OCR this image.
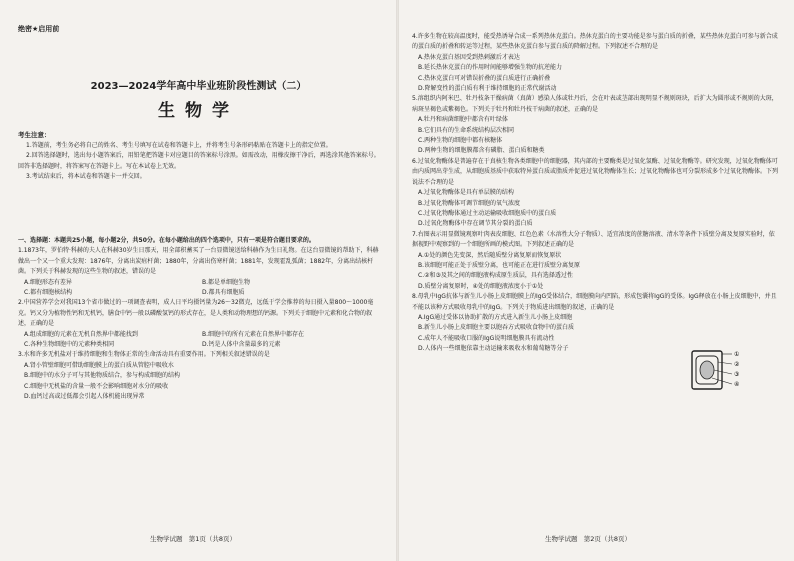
绝密★启用前
2023—2024学年高中毕业班阶段性测试（二）
生物学
考生注意：

1.答题前，考生务必将自己的姓名、考生号填写在试卷和答题卡上，并将考生号条形码粘贴在答题卡上的指定位置。

2.回答选择题时，选出每小题答案后，用铅笔把答题卡对应题目的答案标号涂黑。如需改动，用橡皮擦干净后，再选涂其他答案标号。回答非选择题时，将答案写在答题卡上。写在本试卷上无效。

3.考试结束后，将本试卷和答题卡一并交回。

一、选择题：本题共25小题，每小题2分，共50分。在每小题给出的四个选项中，只有一项是符合题目要求的。

1.1873年，罗伯特·科赫的夫人在科赫30岁生日那天，用全部积蓄买了一台显微镜送给科赫作为生日礼物。在这台显微镜的帮助下，科赫做出一个又一个重大发现：1876年，分离出炭疽杆菌；1880年，分离出伤寒杆菌；1881年，发现霍乱弧菌；1882年，分离出结核杆菌。下列关于科赫发现的这些生物的叙述，错误的是

A.细胞形态有差异	B.都是单细胞生物
C.都有细胞核结构	D.都具有细胞质

2.中国营养学会对我国13个省市做过的一项调查表明，成人日平均摄钙量为26～32微克，远低于学会推荐的每日摄入量800～1000毫克。钙又分为植物性钙和无机钙，膳食中钙一般以磷酸氢钙的形式存在，是人类和动物理想的钙源。下列关于细胞中元素和化合物的叙述，正确的是

A.组成细胞的元素在无机自然界中都能找到	B.细胞中的所有元素在自然界中都存在
C.各种生物细胞中的元素种类相同	D.钙是人体中含量最多的元素

3.水和许多无机盐对于维持细胞和生物体正常的生命活动具有重要作用。下列相关叙述错误的是

A.肾小管壁细胞可借助细胞膜上的蛋白质从管腔中吸收水

B.细胞中的水分子可与其他物质结合，参与构成细胞的结构

C.细胞中无机盐的含量一般不会影响细胞对水分的吸收

D.血钙过高或过低都会引起人体机能出现异常

4.许多生物在较高温度时，能受热诱导合成一系列热休克蛋白。热休克蛋白的主要功能是参与蛋白质的折叠，某些热休克蛋白可参与新合成的蛋白质的折叠和转运等过程，某些热休克蛋白参与蛋白质的降解过程。下列叙述不合理的是

A.热休克蛋白基因受到热刺激后才表达

B.延长热休克蛋白的作用时间能够增强生物的抗逆能力

C.热休克蛋白可对错误折叠的蛋白质进行正确折叠

D.降解变性的蛋白质有利于维持细胞的正常代谢活动

5.溶组织内阿米巴、牡丹枝条干燥病菌（真菌）感染人体或牡丹后，会在叶表或茎部出现明显不规则斑块，后扩大为圆形或不规则的大斑，病斑呈褐色或紫褐色。下列关于牡丹和牡丹枝干病菌的叙述，正确的是

A.牡丹和病菌细胞中都含有叶绿体

B.它们具有的生命系统结构层次相同

C.两种生物的细胞中都有核糖体

D.两种生物的细胞膜都含有磷脂、蛋白质和糖类

6.过氧化物酶体是普遍存在于真核生物各类细胞中的细胞器，其内部的主要酶类是过氧化氢酶、过氧化物酶等。研究发现，过氧化物酶体可由内质网出芽生成，从细胞质基质中获取特异蛋白质或脂质并促进过氧化物酶体生长；过氧化物酶体也可分裂形成多个过氧化物酶体。下列说法不合理的是

A.过氧化物酶体是具有单层膜的结构

B.过氧化物酶体可调节细胞的氧气浓度

C.过氧化物酶体通过主动运输吸收细胞质中的蛋白质

D.过氧化物酶体中存在调节其分裂的蛋白质

7.右图表示用显微镜观察叶肉表皮细胞、红色色素（水溶性大分子物质）、适宜浓度的蔗糖溶液、清水等条件下质壁分离及复原实验时，依据视野中观察到的一个细胞所画的模式图。下列叙述正确的是

A.①处的颜色先变深，然后随质壁分离复原而恢复原状

B.该细胞可能正处于质壁分离，也可能正在进行质壁分离复原

C.②和③及其之间的细胞液构成原生质层，具有选择透过性

D.质壁分离复原时，④处的细胞液浓度小于①处

8.母乳中IgG抗体与新生儿小肠上皮细胞膜上的IgG受体结合，细胞膜向内凹陷，形成包囊将IgG的受体。IgG释放在小肠上皮细胞中，并且不能以该种方式吸收母乳中的IgG。下列关于物质进出细胞的叙述，正确的是

A.IgG通过受体以协助扩散的方式进入新生儿小肠上皮细胞

B.新生儿小肠上皮细胞主要以胞吞方式吸收食物中的蛋白质

C.成年人不能吸收口服的IgG说明细胞膜具有流动性

D.人体内一些细胞依靠主动运输来吸收水和葡萄糖等分子

①
②
③
④
生物学试题 第1页（共8页）	生物学试题 第2页（共8页）
